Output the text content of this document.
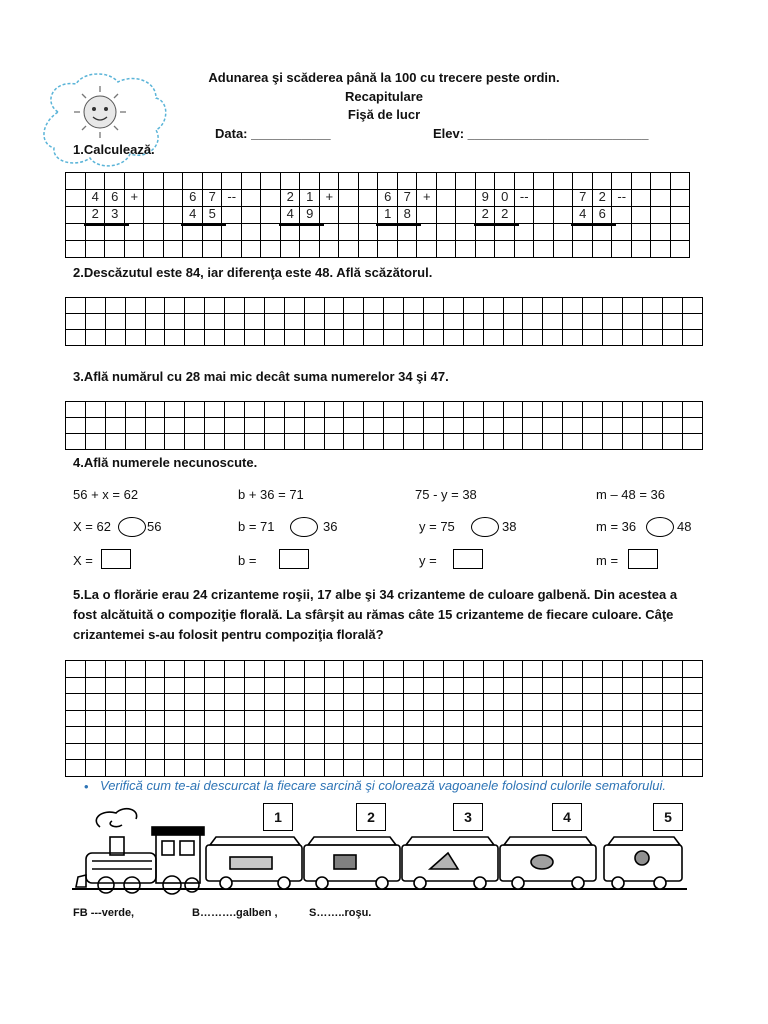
Adunarea şi scăderea până la 100 cu trecere peste ordin.
Recapitulare
Fişă de lucr
Data: ___________	Elev: _________________________
1.Calculează.

4 6 +
2 3
6 7 --
4 5
2 1 +
4 9
6 7 +
1 8
9 0 --
2 2
7 2 --
4 6
2.Descăzutul este 84, iar diferenţa este 48. Află scăzătorul.

3.Află numărul cu 28 mai mic decât suma numerelor 34 şi 47.

4.Află numerele necunoscute.
56 + x = 62	b + 36 = 71	75 - y = 38	m – 48 = 36
X = 62	56	b = 71	36	y = 75	38	m = 36	48
X =	b =	y =	m =
5.La o florărie erau 24 crizanteme roşii, 17 albe şi 34 crizanteme de culoare galbenă. Din acestea a
fost alcătuită o compoziţie florală. La sfârşit au rămas câte 15 crizanteme de fiecare culoare. Câţe
crizantemei s-au folosit pentru compoziţia florală?

• Verifică cum te-ai descurcat la fiecare sarcină şi colorează vagoanele folosind culorile semaforului.
1	2	3	4	5
FB ---verde,	B……….galben ,	S……..roşu.
